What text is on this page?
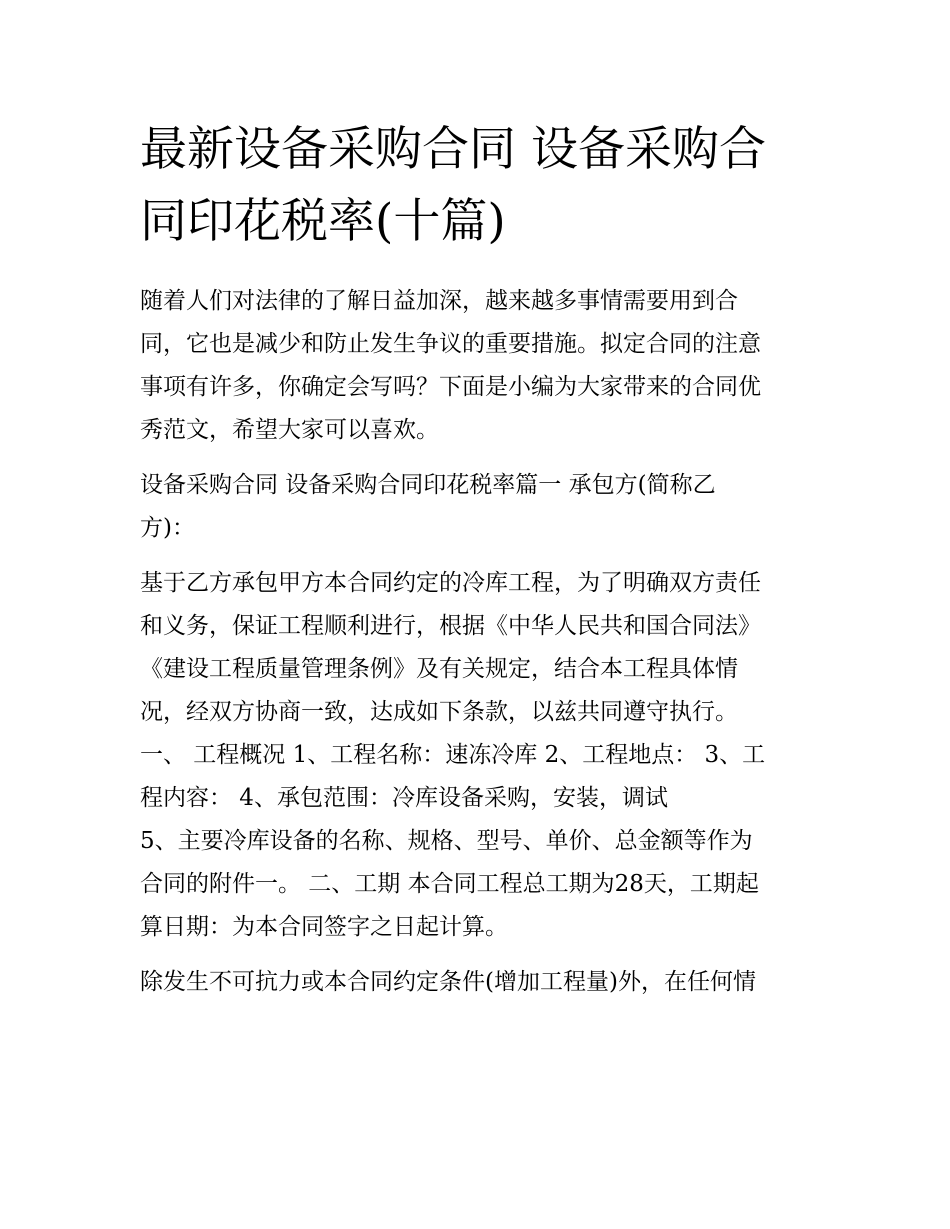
最新设备采购合同 设备采购合
同印花税率(十篇)
随着人们对法律的了解日益加深，越来越多事情需要用到合
同，它也是减少和防止发生争议的重要措施。拟定合同的注意
事项有许多，你确定会写吗？下面是小编为大家带来的合同优
秀范文，希望大家可以喜欢。
设备采购合同 设备采购合同印花税率篇一 承包方(简称乙
方)：
基于乙方承包甲方本合同约定的冷库工程，为了明确双方责任
和义务，保证工程顺利进行，根据《中华人民共和国合同法》
《建设工程质量管理条例》及有关规定，结合本工程具体情
况，经双方协商一致，达成如下条款，以兹共同遵守执行。
一、 工程概况 1、工程名称：速冻冷库 2、工程地点： 3、工
程内容： 4、承包范围：冷库设备采购，安装，调试
5、主要冷库设备的名称、规格、型号、单价、总金额等作为
合同的附件一。 二、工期 本合同工程总工期为28天，工期起
算日期：为本合同签字之日起计算。
除发生不可抗力或本合同约定条件(增加工程量)外，在任何情
